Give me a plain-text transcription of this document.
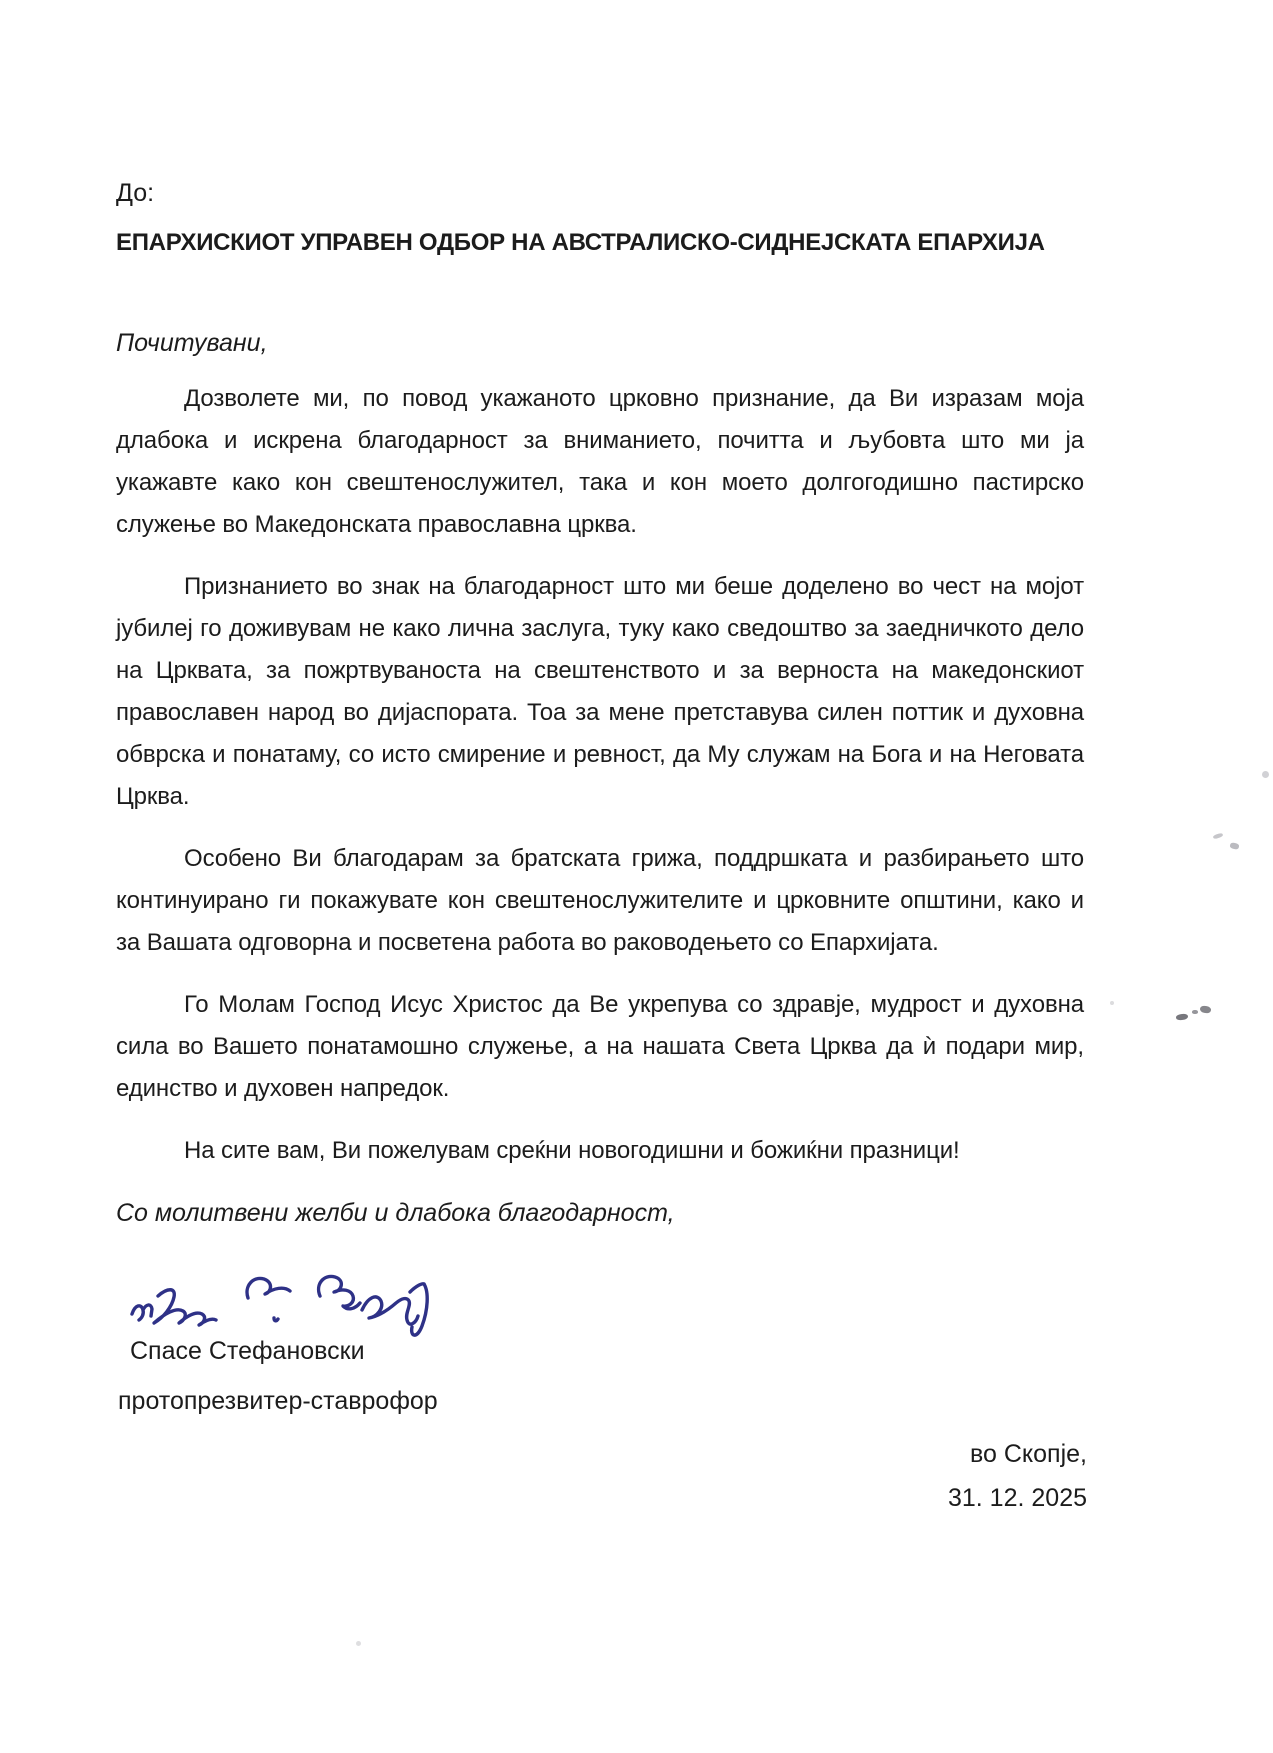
До:
ЕПАРХИСКИОТ УПРАВЕН ОДБОР НА АВСТРАЛИСКО-СИДНЕЈСКАТА ЕПАРХИЈА
Почитувани,

Дозволете ми, по повод укажаното црковно признание, да Ви изразам моја длабока и искрена благодарност за вниманието, почитта и љубовта што ми ја укажавте како кон свештенослужител, така и кон моето долгогодишно пастирско служење во Македонската православна црква.

Признанието во знак на благодарност што ми беше доделено во чест на мојот јубилеј го доживувам не како лична заслуга, туку како сведоштво за заедничкото дело на Црквата, за пожртвуваноста на свештенството и за верноста на македонскиот православен народ во дијаспората. Тоа за мене претставува силен поттик и духовна обврска и понатаму, со исто смирение и ревност, да Му служам на Бога и на Неговата Црква.

Особено Ви благодарам за братската грижа, поддршката и разбирањето што континуирано ги покажувате кон свештенослужителите и црковните општини, како и за Вашата одговорна и посветена работа во раководењето со Епархијата.

Го Молам Господ Исус Христос да Ве укрепува со здравје, мудрост и духовна сила во Вашето понатамошно служење, а на нашата Света Црква да ѝ подари мир, единство и духовен напредок.

На сите вам, Ви пожелувам среќни новогодишни и божиќни празници!

Со молитвени желби и длабока благодарност,
Спасе Стефановски
протопрезвитер-ставрофор
во Скопје,
31. 12. 2025
